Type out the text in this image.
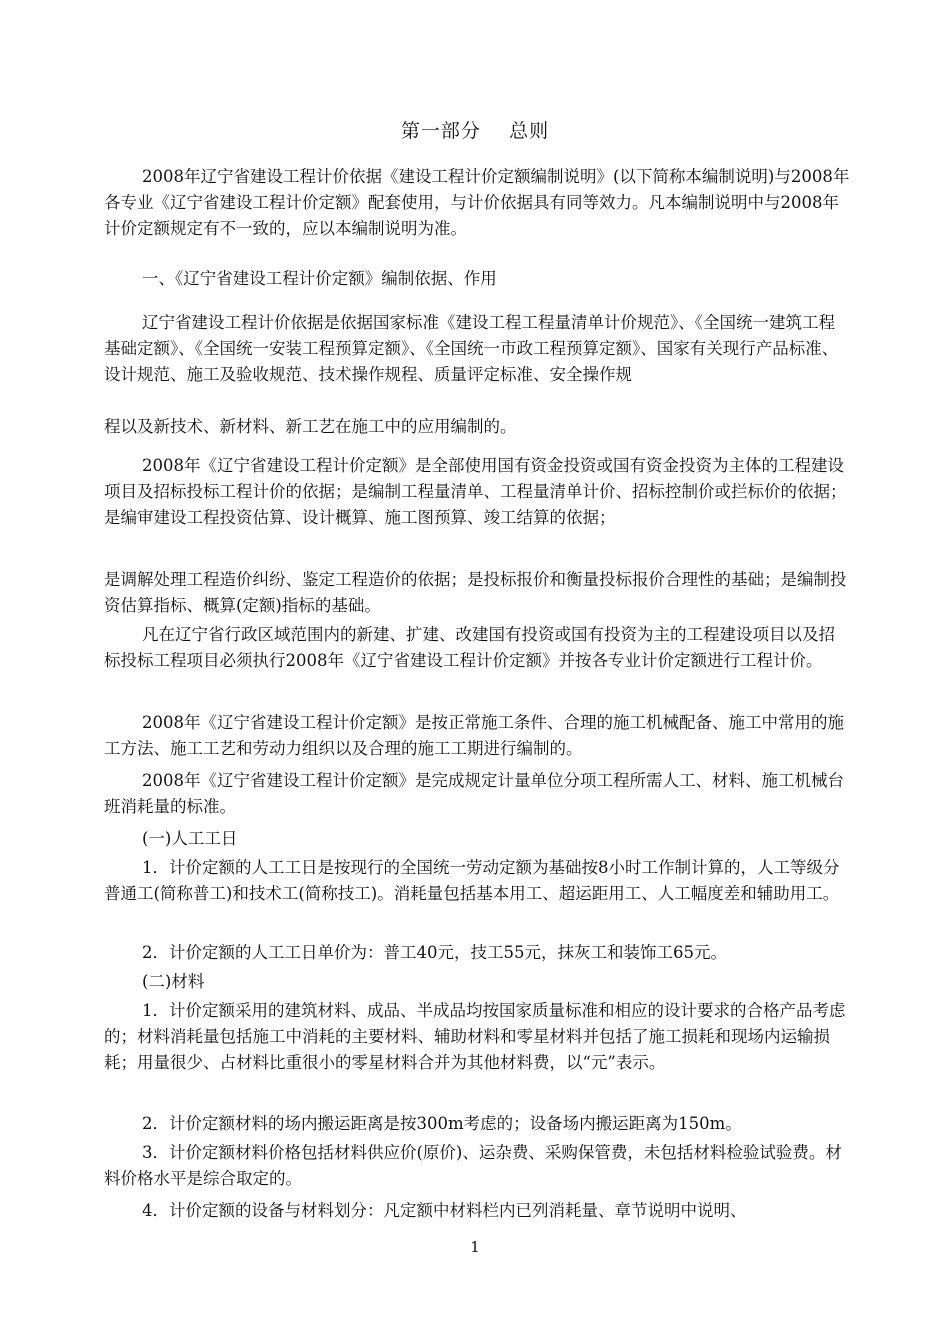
第一部分    总则

2008年辽宁省建设工程计价依据《建设工程计价定额编制说明》(以下简称本编制说明)与2008年各专业《辽宁省建设工程计价定额》配套使用，与计价依据具有同等效力。凡本编制说明中与2008年计价定额规定有不一致的，应以本编制说明为准。

一、《辽宁省建设工程计价定额》编制依据、作用

辽宁省建设工程计价依据是依据国家标准《建设工程工程量清单计价规范》、《全国统一建筑工程基础定额》、《全国统一安装工程预算定额》、《全国统一市政工程预算定额》、国家有关现行产品标准、设计规范、施工及验收规范、技术操作规程、质量评定标准、安全操作规

程以及新技术、新材料、新工艺在施工中的应用编制的。

2008年《辽宁省建设工程计价定额》是全部使用国有资金投资或国有资金投资为主体的工程建设项目及招标投标工程计价的依据；是编制工程量清单、工程量清单计价、招标控制价或拦标价的依据；是编审建设工程投资估算、设计概算、施工图预算、竣工结算的依据；

是调解处理工程造价纠纷、鉴定工程造价的依据；是投标报价和衡量投标报价合理性的基础；是编制投资估算指标、概算(定额)指标的基础。

凡在辽宁省行政区域范围内的新建、扩建、改建国有投资或国有投资为主的工程建设项目以及招标投标工程项目必须执行2008年《辽宁省建设工程计价定额》并按各专业计价定额进行工程计价。

2008年《辽宁省建设工程计价定额》是按正常施工条件、合理的施工机械配备、施工中常用的施工方法、施工工艺和劳动力组织以及合理的施工工期进行编制的。

2008年《辽宁省建设工程计价定额》是完成规定计量单位分项工程所需人工、材料、施工机械台班消耗量的标准。

(一)人工工日

1．计价定额的人工工日是按现行的全国统一劳动定额为基础按8小时工作制计算的，人工等级分普通工(简称普工)和技术工(简称技工)。消耗量包括基本用工、超运距用工、人工幅度差和辅助用工。

2．计价定额的人工工日单价为：普工40元，技工55元，抹灰工和装饰工65元。

(二)材料

1．计价定额采用的建筑材料、成品、半成品均按国家质量标准和相应的设计要求的合格产品考虑的；材料消耗量包括施工中消耗的主要材料、辅助材料和零星材料并包括了施工损耗和现场内运输损耗；用量很少、占材料比重很小的零星材料合并为其他材料费，以“元”表示。

2．计价定额材料的场内搬运距离是按300m考虑的；设备场内搬运距离为150m。

3．计价定额材料价格包括材料供应价(原价)、运杂费、采购保管费，未包括材料检验试验费。材料价格水平是综合取定的。

4．计价定额的设备与材料划分：凡定额中材料栏内已列消耗量、章节说明中说明、

1
